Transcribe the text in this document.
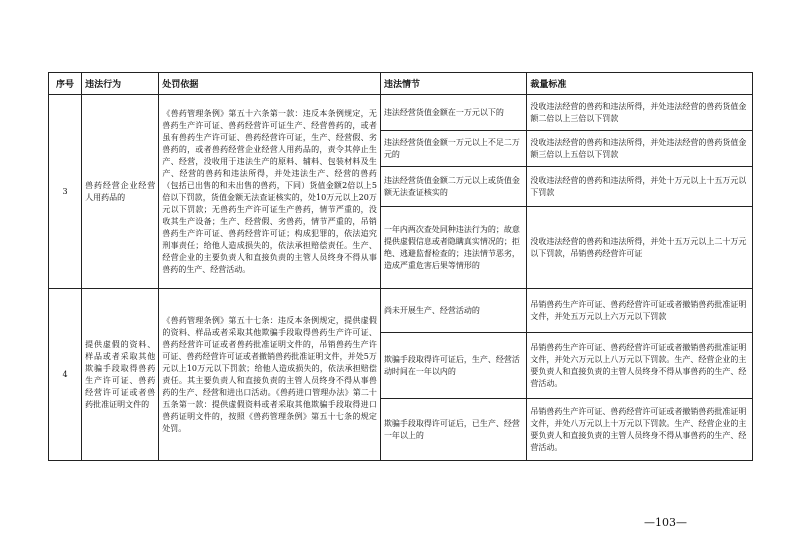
序号	违法行为	处罚依据	违法情节	裁量标准
3	兽药经营企业经营人用药品的	《兽药管理条例》第五十六条第一款：违反本条例规定，无兽药生产许可证、兽药经营许可证生产、经营兽药的，或者虽有兽药生产许可证、兽药经营许可证，生产、经营假、劣兽药的，或者兽药经营企业经营人用药品的，责令其停止生产、经营，没收用于违法生产的原料、辅料、包装材料及生产、经营的兽药和违法所得，并处违法生产、经营的兽药（包括已出售的和未出售的兽药，下同）货值金额2倍以上5倍以下罚款，货值金额无法查证核实的，处10万元以上20万元以下罚款；无兽药生产许可证生产兽药，情节严重的，没收其生产设备；生产、经营假、劣兽药，情节严重的，吊销兽药生产许可证、兽药经营许可证；构成犯罪的，依法追究刑事责任；给他人造成损失的，依法承担赔偿责任。生产、经营企业的主要负责人和直接负责的主管人员终身不得从事兽药的生产、经营活动。	违法经营货值金额在一万元以下的	没收违法经营的兽药和违法所得，并处违法经营的兽药货值金额二倍以上三倍以下罚款
			违法经营货值金额一万元以上不足二万元的	没收违法经营的兽药和违法所得，并处违法经营的兽药货值金额三倍以上五倍以下罚款
			违法经营货值金额二万元以上或货值金额无法查证核实的	没收违法经营的兽药和违法所得，并处十万元以上十五万元以下罚款
			一年内两次查处同种违法行为的；故意提供虚假信息或者隐瞒真实情况的；拒绝、逃避监督检查的；违法情节恶劣，造成严重危害后果等情形的	没收违法经营的兽药和违法所得，并处十五万元以上二十万元以下罚款，吊销兽药经营许可证
4	提供虚假的资料、样品或者采取其他欺骗手段取得兽药生产许可证、兽药经营许可证或者兽药批准证明文件的	《兽药管理条例》第五十七条：违反本条例规定，提供虚假的资料、样品或者采取其他欺骗手段取得兽药生产许可证、兽药经营许可证或者兽药批准证明文件的，吊销兽药生产许可证、兽药经营许可证或者撤销兽药批准证明文件，并处5万元以上10万元以下罚款；给他人造成损失的，依法承担赔偿责任。其主要负责人和直接负责的主管人员终身不得从事兽药的生产、经营和进出口活动。《兽药进口管理办法》第二十五条第一款：提供虚假资料或者采取其他欺骗手段取得进口兽药证明文件的，按照《兽药管理条例》第五十七条的规定处罚。	尚未开展生产、经营活动的	吊销兽药生产许可证、兽药经营许可证或者撤销兽药批准证明文件，并处五万元以上六万元以下罚款
			欺骗手段取得许可证后，生产、经营活动时间在一年以内的	吊销兽药生产许可证、兽药经营许可证或者撤销兽药批准证明文件，并处六万元以上八万元以下罚款。生产、经营企业的主要负责人和直接负责的主管人员终身不得从事兽药的生产、经营活动。
			欺骗手段取得许可证后，已生产、经营一年以上的	吊销兽药生产许可证、兽药经营许可证或者撤销兽药批准证明文件，并处八万元以上十万元以下罚款。生产、经营企业的主要负责人和直接负责的主管人员终身不得从事兽药的生产、经营活动。
—103—
